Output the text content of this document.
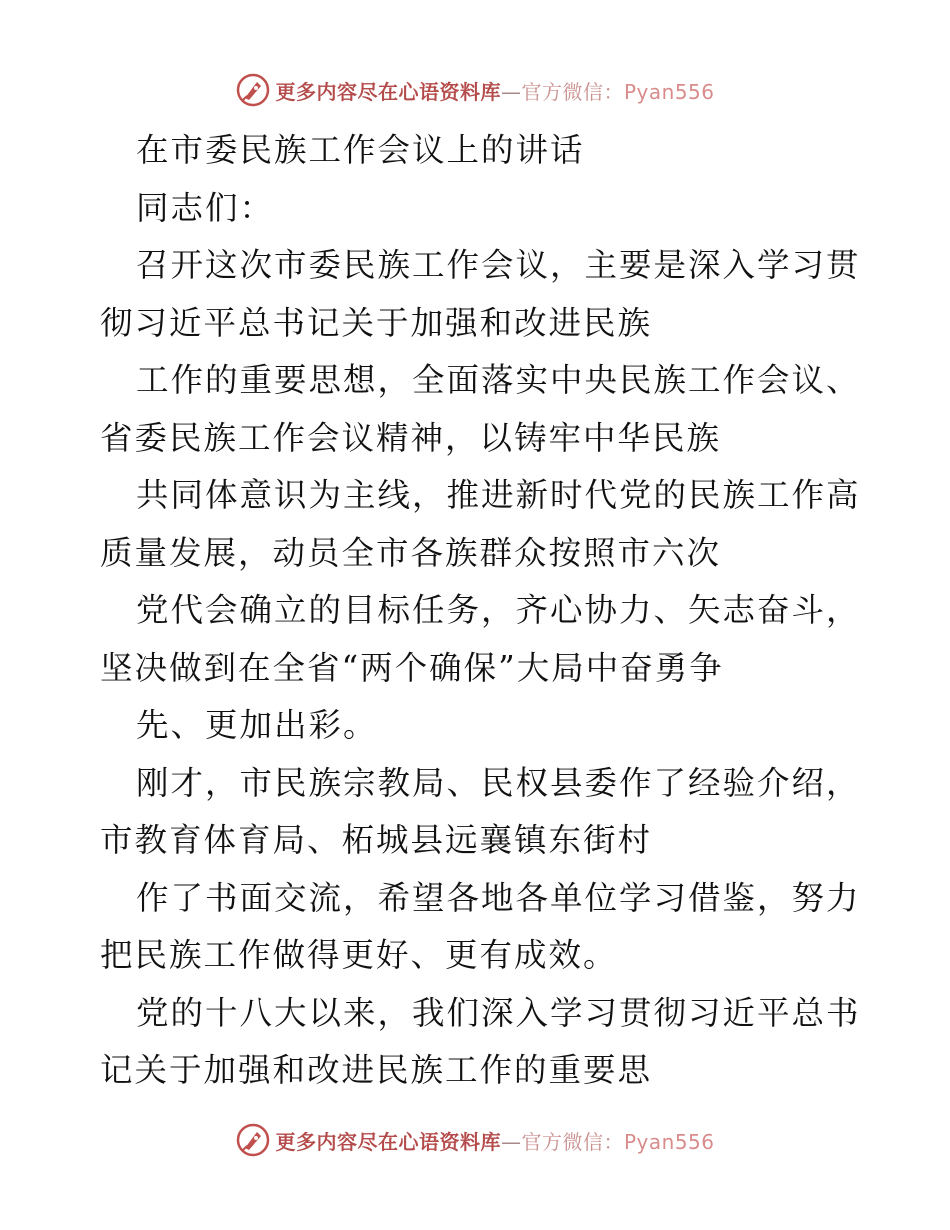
更多内容尽在心语资料库—官方微信：Pyan556
在市委民族工作会议上的讲话
同志们：
召开这次市委民族工作会议，主要是深入学习贯
彻习近平总书记关于加强和改进民族
工作的重要思想，全面落实中央民族工作会议、
省委民族工作会议精神，以铸牢中华民族
共同体意识为主线，推进新时代党的民族工作高
质量发展，动员全市各族群众按照市六次
党代会确立的目标任务，齐心协力、矢志奋斗，
坚决做到在全省“两个确保”大局中奋勇争
先、更加出彩。
刚才，市民族宗教局、民权县委作了经验介绍，
市教育体育局、柘城县远襄镇东街村
作了书面交流，希望各地各单位学习借鉴，努力
把民族工作做得更好、更有成效。
党的十八大以来，我们深入学习贯彻习近平总书
记关于加强和改进民族工作的重要思
更多内容尽在心语资料库—官方微信：Pyan556
